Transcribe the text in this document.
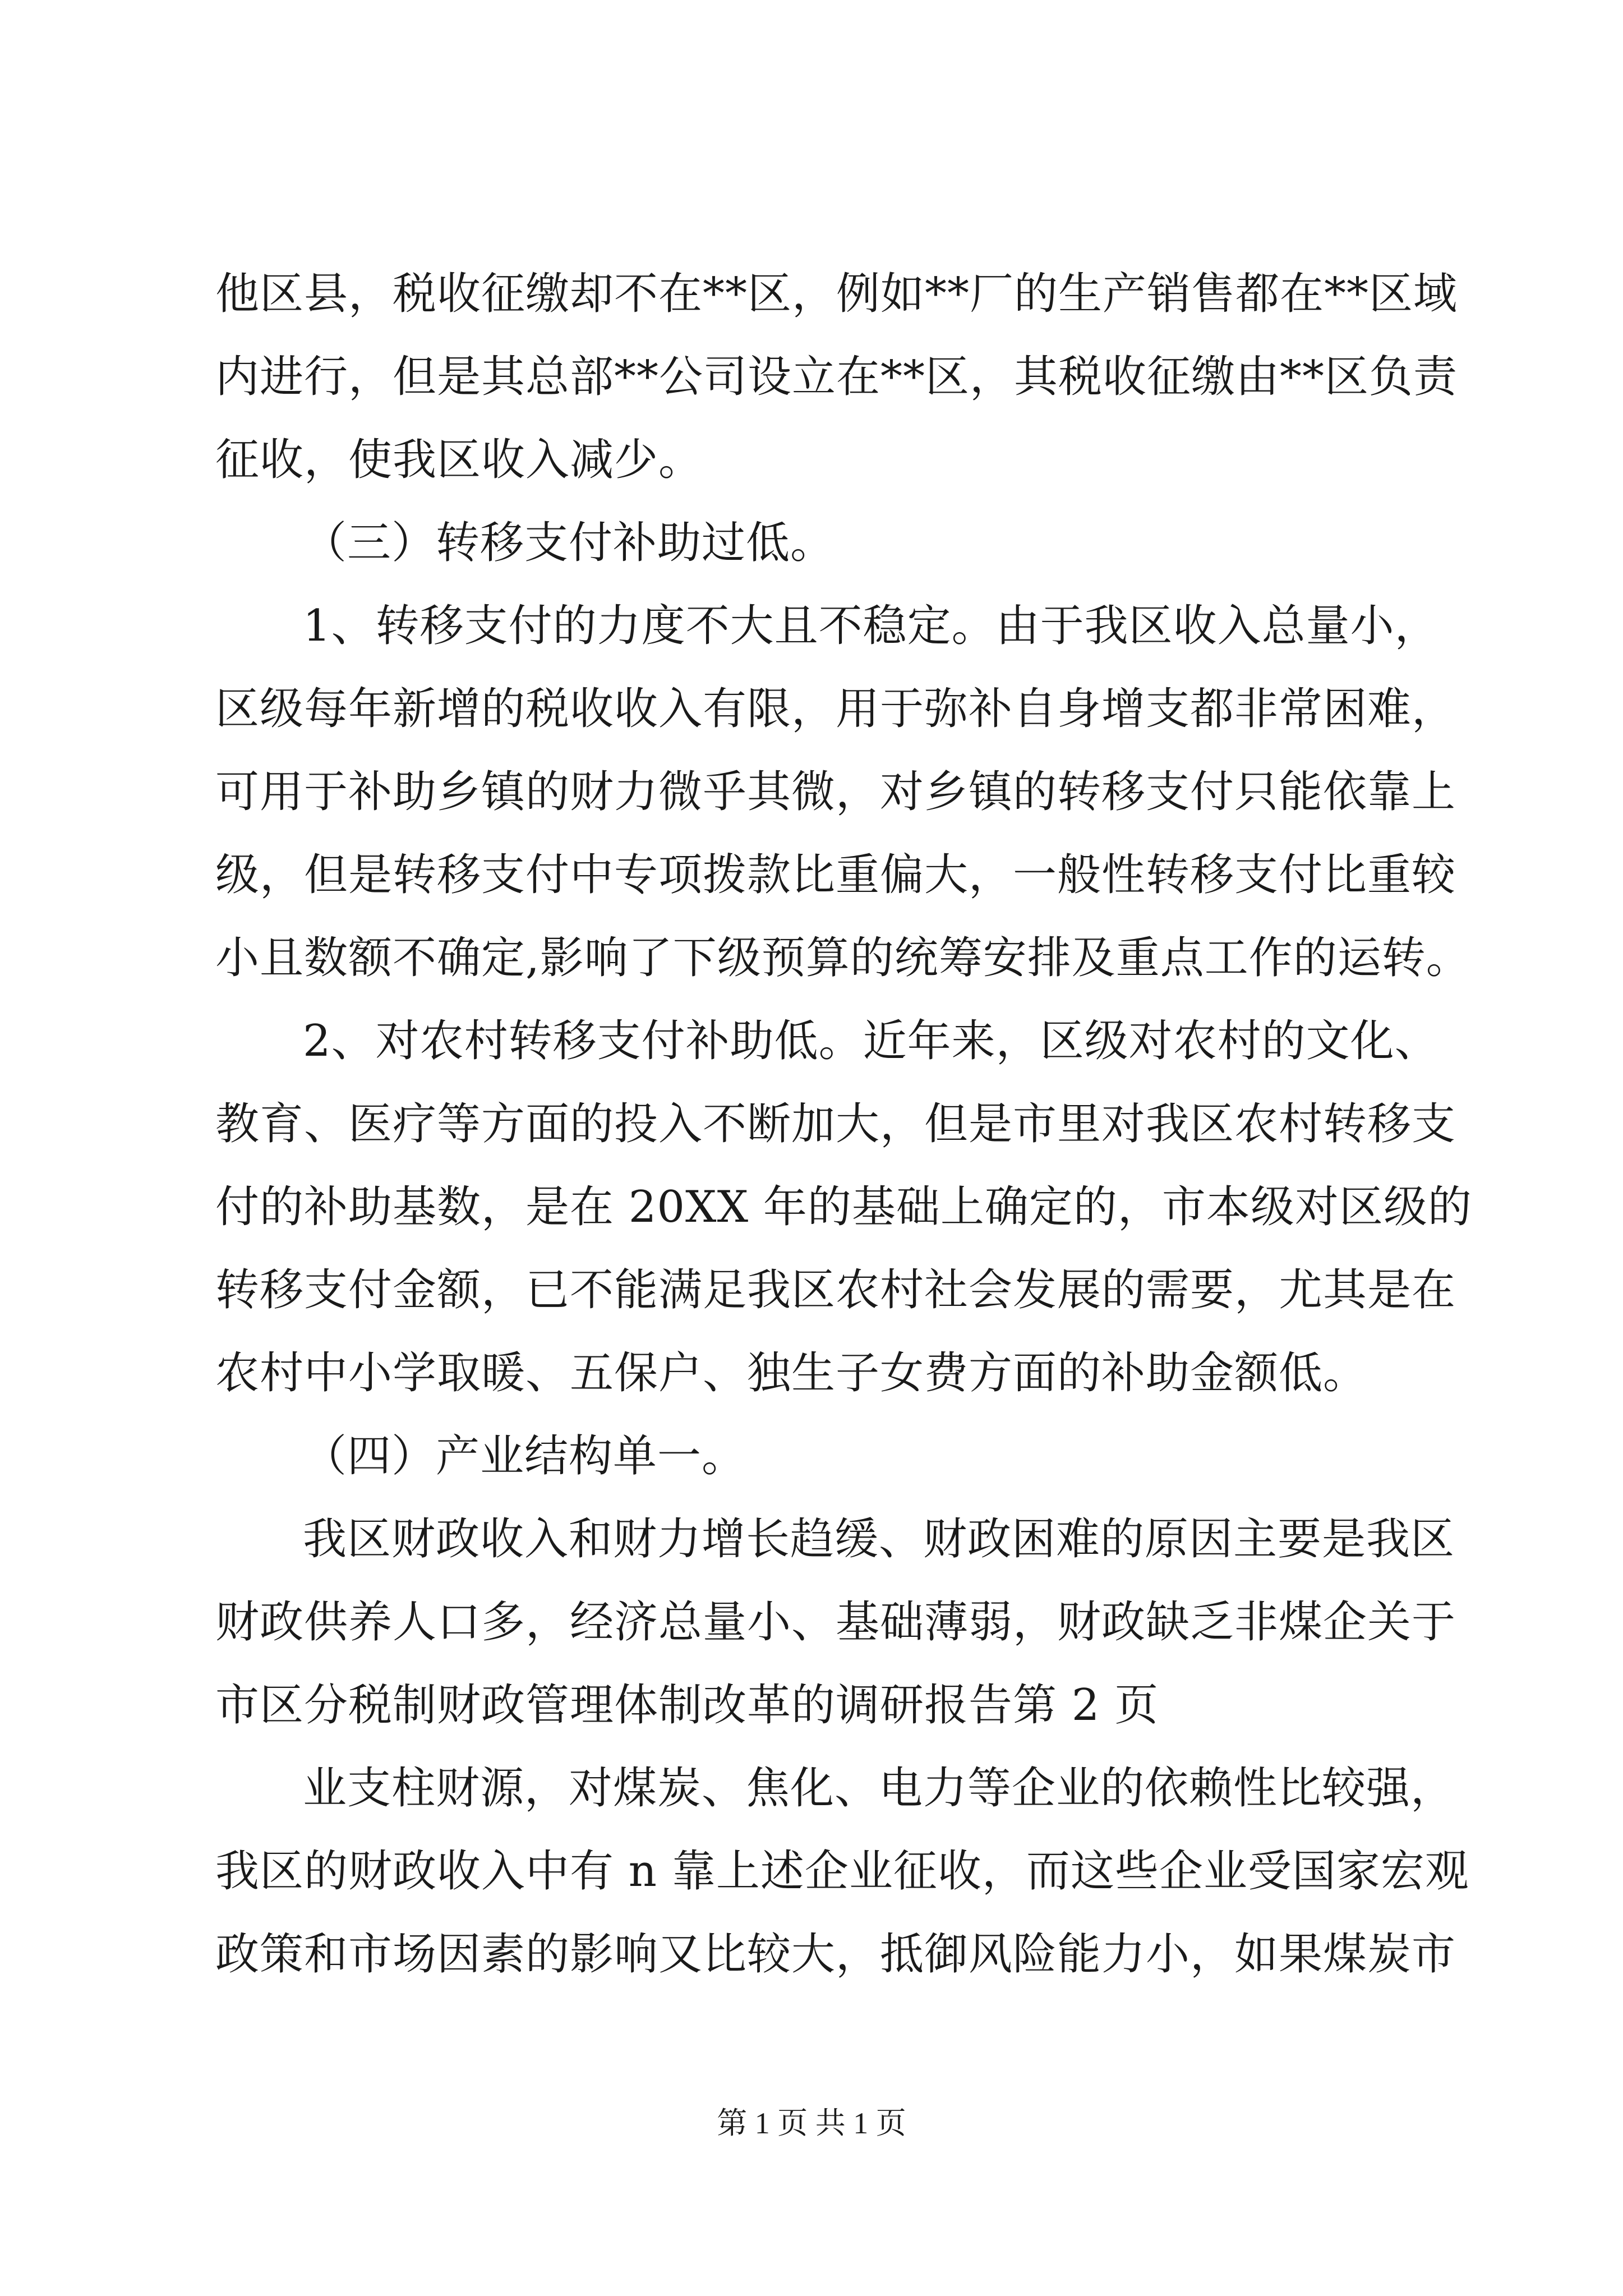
他区县，税收征缴却不在**区，例如**厂的生产销售都在**区域
内进行，但是其总部**公司设立在**区，其税收征缴由**区负责
征收，使我区收入减少。
（三）转移支付补助过低。
1、转移支付的力度不大且不稳定。由于我区收入总量小，
区级每年新增的税收收入有限，用于弥补自身增支都非常困难，
可用于补助乡镇的财力微乎其微，对乡镇的转移支付只能依靠上
级，但是转移支付中专项拨款比重偏大，一般性转移支付比重较
小且数额不确定,影响了下级预算的统筹安排及重点工作的运转。
2、对农村转移支付补助低。近年来，区级对农村的文化、
教育、医疗等方面的投入不断加大，但是市里对我区农村转移支
付的补助基数，是在 20XX 年的基础上确定的，市本级对区级的
转移支付金额，已不能满足我区农村社会发展的需要，尤其是在
农村中小学取暖、五保户、独生子女费方面的补助金额低。
（四）产业结构单一。
我区财政收入和财力增长趋缓、财政困难的原因主要是我区
财政供养人口多，经济总量小、基础薄弱，财政缺乏非煤企关于
市区分税制财政管理体制改革的调研报告第 2 页
业支柱财源，对煤炭、焦化、电力等企业的依赖性比较强，
我区的财政收入中有 n 靠上述企业征收，而这些企业受国家宏观
政策和市场因素的影响又比较大，抵御风险能力小，如果煤炭市
第 1 页 共 1 页
